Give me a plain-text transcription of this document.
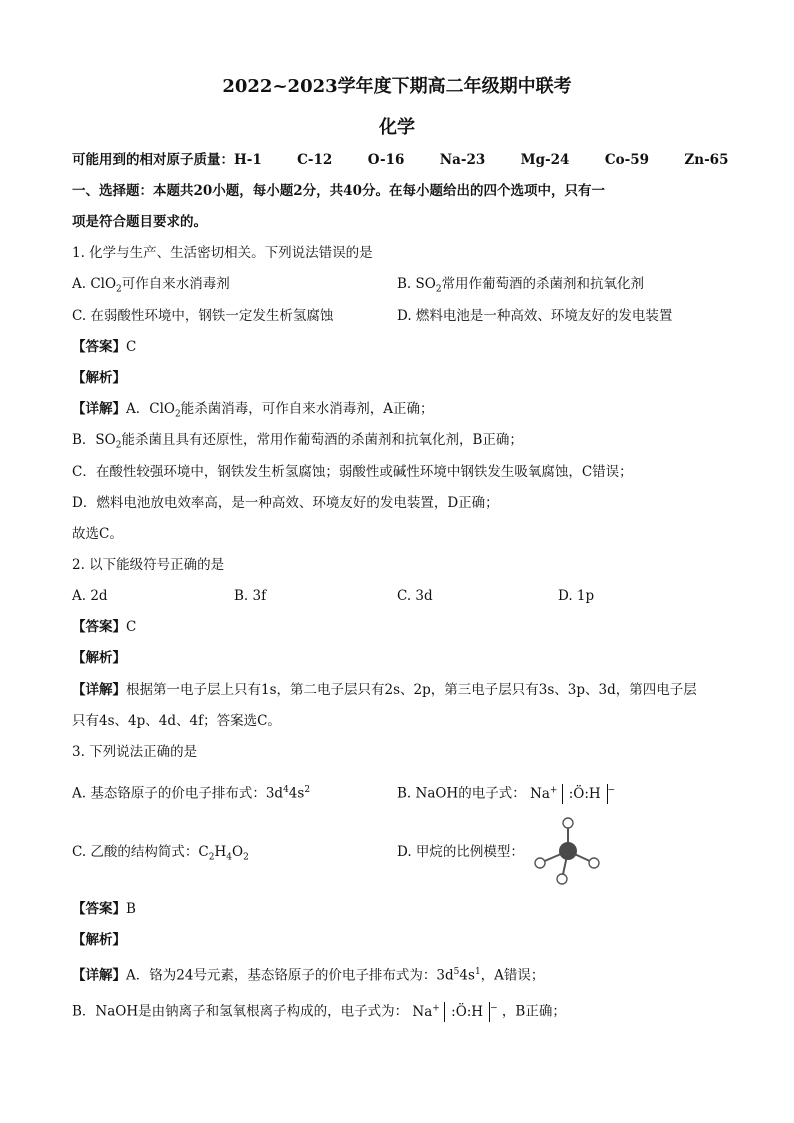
2022~2023学年度下期高二年级期中联考
化学
可能用到的相对原子质量：H-1	C-12	O-16	Na-23	Mg-24	Co-59	Zn-65
一、选择题：本题共20小题，每小题2分，共40分。在每小题给出的四个选项中，只有一
项是符合题目要求的。
1. 化学与生产、生活密切相关。下列说法错误的是
A. ClO$_2$可作自来水消毒剂	B. $SO_2$常用作葡萄酒的杀菌剂和抗氧化剂
C. 在弱酸性环境中，钢铁一定发生析氢腐蚀	D. 燃料电池是一种高效、环境友好的发电装置
【答案】C
【解析】
【详解】A．ClO$_2$能杀菌消毒，可作自来水消毒剂，A正确；
B．$SO_2$能杀菌且具有还原性，常用作葡萄酒的杀菌剂和抗氧化剂，B正确；
C．在酸性较强环境中，钢铁发生析氢腐蚀；弱酸性或碱性环境中钢铁发生吸氧腐蚀，C错误；
D．燃料电池放电效率高，是一种高效、环境友好的发电装置，D正确；
故选C。
2. 以下能级符号正确的是
A. 2d	B. 3f	C. 3d	D. 1p
【答案】C
【解析】
【详解】根据第一电子层上只有1s，第二电子层只有2s、2p，第三电子层只有3s、3p、3d，第四电子层
只有4s、4p、4d、4f；答案选C。
3. 下列说法正确的是
A. 基态铬原子的价电子排布式：$3d^44s^2$	B. NaOH的电子式： Na+ :Ö:H −
C. 乙酸的结构简式：$C_2H_4O_2$	D. 甲烷的比例模型：
【答案】B
【解析】
【详解】A．铬为24号元素，基态铬原子的价电子排布式为：$3d^54s^1$，A错误；
B．NaOH是由钠离子和氢氧根离子构成的，电子式为： Na+ :Ö:H − ，B正确；
